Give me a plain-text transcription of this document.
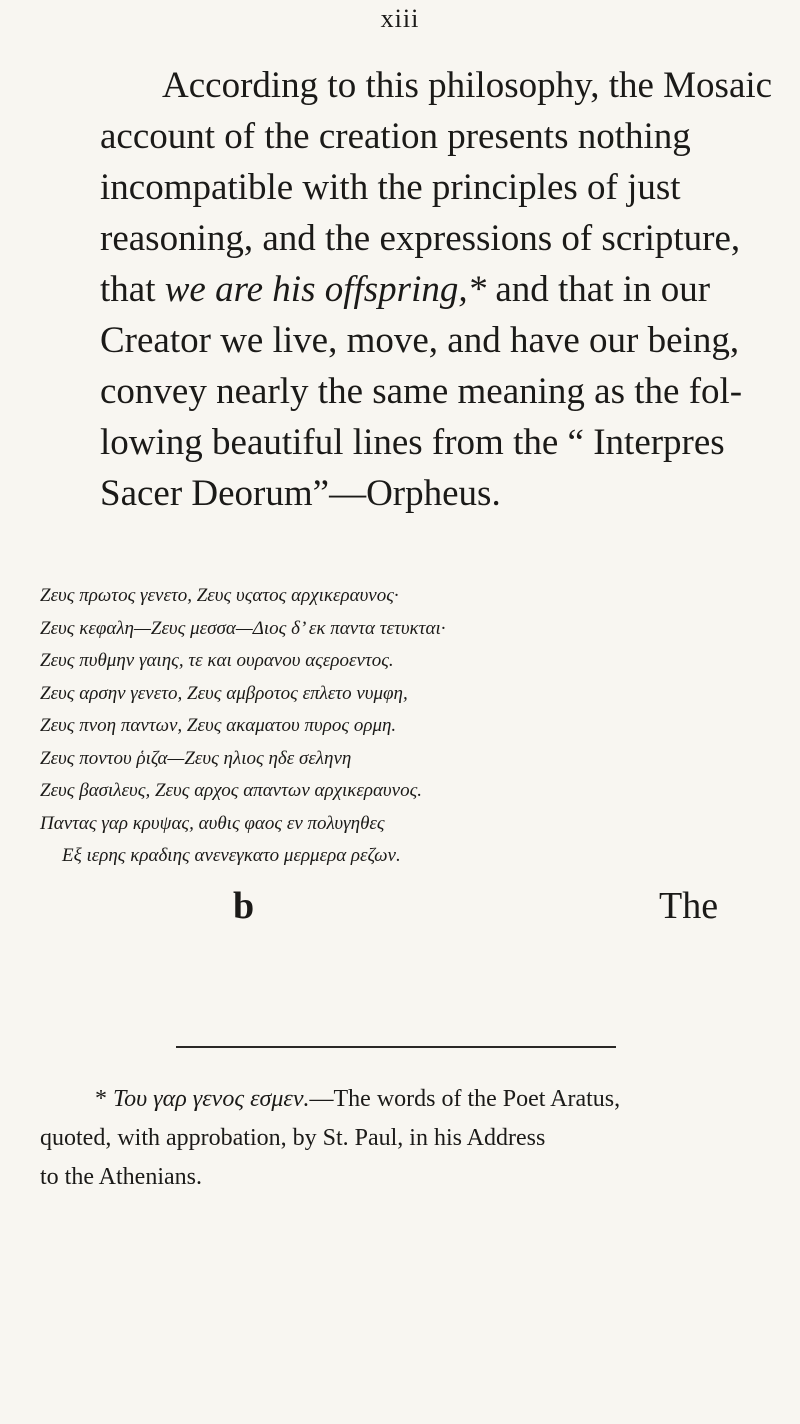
xiii

According to this philosophy, the Mosaic
account of the creation presents nothing
incompatible with the principles of just
reasoning, and the expressions of scripture,
that we are his offspring,* and that in our
Creator we live, move, and have our being,
convey nearly the same meaning as the fol-
lowing beautiful lines from the “ Interpres
Sacer Deorum”—Orpheus.

Ζευς πρωτος γενετο, Ζευς υςατος αρχικεραυνος·
Ζευς κεφαλη—Ζευς μεσσα—Διος δ’ εκ παντα τετυκται·
Ζευς πυθμην γαιης, τε και ουρανου αςεροεντος.
Ζευς αρσην γενετο, Ζευς αμβροτος επλετο νυμφη,
Ζευς πνοη παντων, Ζευς ακαματου πυρος ορμη.
Ζευς ποντου ῥιζα—Ζευς ηλιος ηδε σεληνη
Ζευς βασιλευς, Ζευς αρχος απαντων αρχικεραυνος.
Παντας γαρ κρυψας, αυθις φαος εν πολυγηθες
Εξ ιερης κραδιης ανενεγκατο μερμερα ρεζων.
b	The
* Του γαρ γενος εσμεν.—The words of the Poet Aratus,
quoted, with approbation, by St. Paul, in his Address
to the Athenians.
